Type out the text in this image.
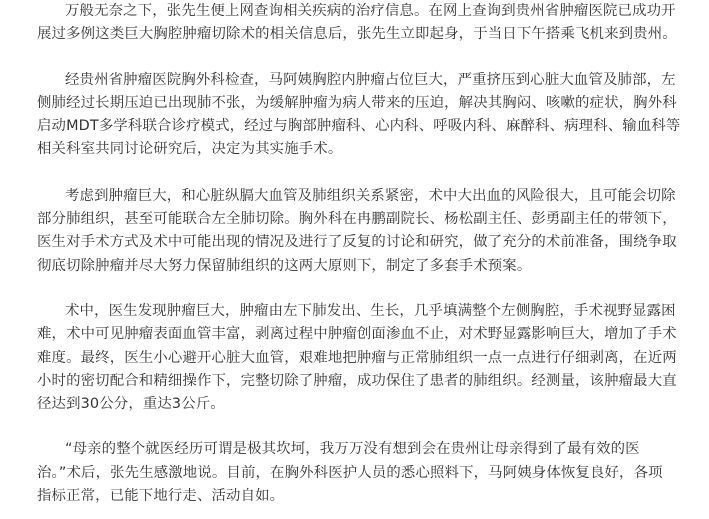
万般无奈之下，张先生便上网查询相关疾病的治疗信息。在网上查询到贵州省肿瘤医院已成功开
展过多例这类巨大胸腔肿瘤切除术的相关信息后，张先生立即起身，于当日下午搭乘飞机来到贵州。

经贵州省肿瘤医院胸外科检查，马阿姨胸腔内肿瘤占位巨大，严重挤压到心脏大血管及肺部，左
侧肺经过长期压迫已出现肺不张，为缓解肿瘤为病人带来的压迫，解决其胸闷、咳嗽的症状，胸外科
启动MDT多学科联合诊疗模式，经过与胸部肿瘤科、心内科、呼吸内科、麻醉科、病理科、输血科等
相关科室共同讨论研究后，决定为其实施手术。

考虑到肿瘤巨大，和心脏纵膈大血管及肺组织关系紧密，术中大出血的风险很大，且可能会切除
部分肺组织，甚至可能联合左全肺切除。胸外科在冉鹏副院长、杨松副主任、彭勇副主任的带领下，
医生对手术方式及术中可能出现的情况及进行了反复的讨论和研究，做了充分的术前准备，围绕争取
彻底切除肿瘤并尽大努力保留肺组织的这两大原则下，制定了多套手术预案。

术中，医生发现肿瘤巨大，肿瘤由左下肺发出、生长，几乎填满整个左侧胸腔，手术视野显露困
难，术中可见肿瘤表面血管丰富，剥离过程中肿瘤创面渗血不止，对术野显露影响巨大，增加了手术
难度。最终，医生小心避开心脏大血管，艰难地把肿瘤与正常肺组织一点一点进行仔细剥离，在近两
小时的密切配合和精细操作下，完整切除了肿瘤，成功保住了患者的肺组织。经测量，该肿瘤最大直
径达到30公分，重达3公斤。

“母亲的整个就医经历可谓是极其坎坷，我万万没有想到会在贵州让母亲得到了最有效的医
治。”术后，张先生感激地说。目前，在胸外科医护人员的悉心照料下，马阿姨身体恢复良好，各项
指标正常，已能下地行走、活动自如。
